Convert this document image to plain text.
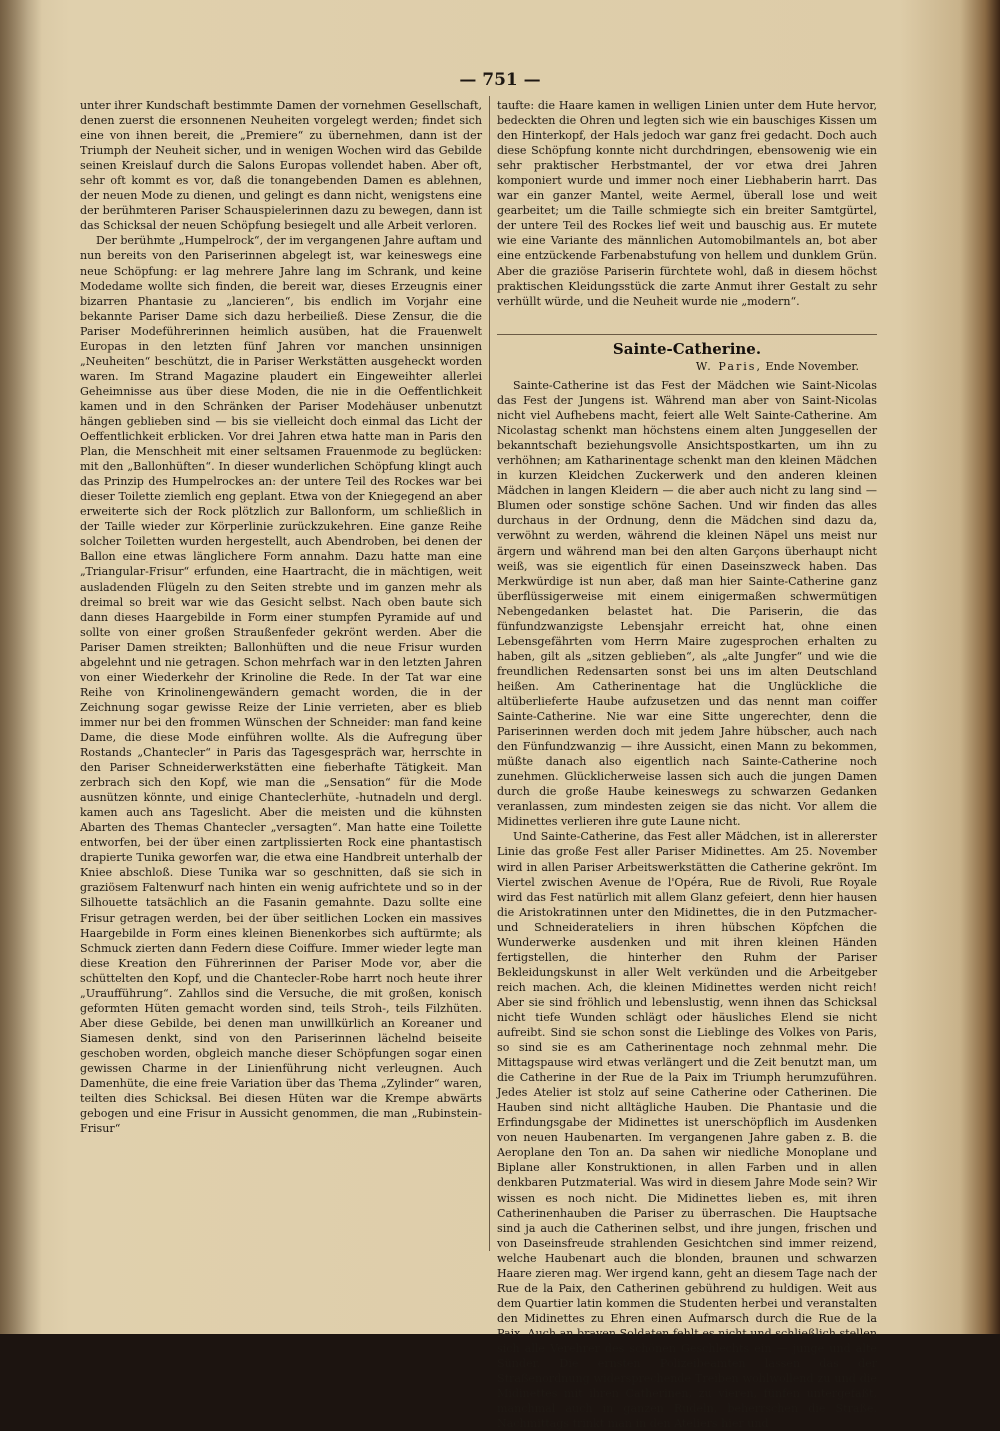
— 751 —

unter ihrer Kundschaft bestimmte Damen der vornehmen Gesellschaft, denen zuerst die ersonnenen Neuheiten vorgelegt werden; findet sich eine von ihnen bereit, die „Premiere“ zu übernehmen, dann ist der Triumph der Neuheit sicher, und in wenigen Wochen wird das Gebilde seinen Kreislauf durch die Salons Europas vollendet haben. Aber oft, sehr oft kommt es vor, daß die tonangebenden Damen es ablehnen, der neuen Mode zu dienen, und gelingt es dann nicht, wenigstens eine der berühmteren Pariser Schauspielerinnen dazu zu bewegen, dann ist das Schicksal der neuen Schöpfung besiegelt und alle Arbeit verloren.

Der berühmte „Humpelrock“, der im vergangenen Jahre auftam und nun bereits von den Pariserinnen abgelegt ist, war keineswegs eine neue Schöpfung: er lag mehrere Jahre lang im Schrank, und keine Modedame wollte sich finden, die bereit war, dieses Erzeugnis einer bizarren Phantasie zu „lancieren“, bis endlich im Vorjahr eine bekannte Pariser Dame sich dazu herbeiließ. Diese Zensur, die die Pariser Modeführerinnen heimlich ausüben, hat die Frauenwelt Europas in den letzten fünf Jahren vor manchen unsinnigen „Neuheiten“ beschützt, die in Pariser Werkstätten ausgeheckt worden waren. Im Strand Magazine plaudert ein Eingeweihter allerlei Geheimnisse aus über diese Moden, die nie in die Oeffentlichkeit kamen und in den Schränken der Pariser Modehäuser unbenutzt hängen geblieben sind — bis sie vielleicht doch einmal das Licht der Oeffentlichkeit erblicken. Vor drei Jahren etwa hatte man in Paris den Plan, die Menschheit mit einer seltsamen Frauenmode zu beglücken: mit den „Ballonhüften“. In dieser wunderlichen Schöpfung klingt auch das Prinzip des Humpelrockes an: der untere Teil des Rockes war bei dieser Toilette ziemlich eng geplant. Etwa von der Kniegegend an aber erweiterte sich der Rock plötzlich zur Ballonform, um schließlich in der Taille wieder zur Körperlinie zurückzukehren. Eine ganze Reihe solcher Toiletten wurden hergestellt, auch Abendroben, bei denen der Ballon eine etwas länglichere Form annahm. Dazu hatte man eine „Triangular-Frisur“ erfunden, eine Haartracht, die in mächtigen, weit ausladenden Flügeln zu den Seiten strebte und im ganzen mehr als dreimal so breit war wie das Gesicht selbst. Nach oben baute sich dann dieses Haargebilde in Form einer stumpfen Pyramide auf und sollte von einer großen Straußenfeder gekrönt werden. Aber die Pariser Damen streikten; Ballonhüften und die neue Frisur wurden abgelehnt und nie getragen. Schon mehrfach war in den letzten Jahren von einer Wiederkehr der Krinoline die Rede. In der Tat war eine Reihe von Krinolinengewändern gemacht worden, die in der Zeichnung sogar gewisse Reize der Linie verrieten, aber es blieb immer nur bei den frommen Wünschen der Schneider: man fand keine Dame, die diese Mode einführen wollte. Als die Aufregung über Rostands „Chantecler“ in Paris das Tagesgespräch war, herrschte in den Pariser Schneiderwerkstätten eine fieberhafte Tätigkeit. Man zerbrach sich den Kopf, wie man die „Sensation“ für die Mode ausnützen könnte, und einige Chanteclerhüte, -hutnadeln und dergl. kamen auch ans Tageslicht. Aber die meisten und die kühnsten Abarten des Themas Chantecler „versagten“. Man hatte eine Toilette entworfen, bei der über einen zartplissierten Rock eine phantastisch drapierte Tunika geworfen war, die etwa eine Handbreit unterhalb der Kniee abschloß. Diese Tunika war so geschnitten, daß sie sich in graziösem Faltenwurf nach hinten ein wenig aufrichtete und so in der Silhouette tatsächlich an die Fasanin gemahnte. Dazu sollte eine Frisur getragen werden, bei der über seitlichen Locken ein massives Haargebilde in Form eines kleinen Bienenkorbes sich auftürmte; als Schmuck zierten dann Federn diese Coiffure. Immer wieder legte man diese Kreation den Führerinnen der Pariser Mode vor, aber die schüttelten den Kopf, und die Chantecler-Robe harrt noch heute ihrer „Uraufführung“. Zahllos sind die Versuche, die mit großen, konisch geformten Hüten gemacht worden sind, teils Stroh-, teils Filzhüten. Aber diese Gebilde, bei denen man unwillkürlich an Koreaner und Siamesen denkt, sind von den Pariserinnen lächelnd beiseite geschoben worden, obgleich manche dieser Schöpfungen sogar einen gewissen Charme in der Linienführung nicht verleugnen. Auch Damenhüte, die eine freie Variation über das Thema „Zylinder“ waren, teilten dies Schicksal. Bei diesen Hüten war die Krempe abwärts gebogen und eine Frisur in Aussicht genommen, die man „Rubinstein-Frisur“

taufte: die Haare kamen in welligen Linien unter dem Hute hervor, bedeckten die Ohren und legten sich wie ein bauschiges Kissen um den Hinterkopf, der Hals jedoch war ganz frei gedacht. Doch auch diese Schöpfung konnte nicht durchdringen, ebensowenig wie ein sehr praktischer Herbstmantel, der vor etwa drei Jahren komponiert wurde und immer noch einer Liebhaberin harrt. Das war ein ganzer Mantel, weite Aermel, überall lose und weit gearbeitet; um die Taille schmiegte sich ein breiter Samtgürtel, der untere Teil des Rockes lief weit und bauschig aus. Er mutete wie eine Variante des männlichen Automobilmantels an, bot aber eine entzückende Farbenabstufung von hellem und dunklem Grün. Aber die graziöse Pariserin fürchtete wohl, daß in diesem höchst praktischen Kleidungsstück die zarte Anmut ihrer Gestalt zu sehr verhüllt würde, und die Neuheit wurde nie „modern“.

Sainte-Catherine.
W. Paris, Ende November.

Sainte-Catherine ist das Fest der Mädchen wie Saint-Nicolas das Fest der Jungens ist. Während man aber von Saint-Nicolas nicht viel Aufhebens macht, feiert alle Welt Sainte-Catherine. Am Nicolastag schenkt man höchstens einem alten Junggesellen der bekanntschaft beziehungsvolle Ansichtspostkarten, um ihn zu verhöhnen; am Katharinentage schenkt man den kleinen Mädchen in kurzen Kleidchen Zuckerwerk und den anderen kleinen Mädchen in langen Kleidern — die aber auch nicht zu lang sind — Blumen oder sonstige schöne Sachen. Und wir finden das alles durchaus in der Ordnung, denn die Mädchen sind dazu da, verwöhnt zu werden, während die kleinen Näpel uns meist nur ärgern und während man bei den alten Garçons überhaupt nicht weiß, was sie eigentlich für einen Daseinszweck haben. Das Merkwürdige ist nun aber, daß man hier Sainte-Catherine ganz überflüssigerweise mit einem einigermaßen schwermütigen Nebengedanken belastet hat. Die Pariserin, die das fünfundzwanzigste Lebensjahr erreicht hat, ohne einen Lebensgefährten vom Herrn Maire zugesprochen erhalten zu haben, gilt als „sitzen geblieben“, als „alte Jungfer“ und wie die freundlichen Redensarten sonst bei uns im alten Deutschland heißen. Am Catherinentage hat die Unglückliche die altüberlieferte Haube aufzusetzen und das nennt man coiffer Sainte-Catherine. Nie war eine Sitte ungerechter, denn die Pariserinnen werden doch mit jedem Jahre hübscher, auch nach den Fünfundzwanzig — ihre Aussicht, einen Mann zu bekommen, müßte danach also eigentlich nach Sainte-Catherine noch zunehmen. Glücklicherweise lassen sich auch die jungen Damen durch die große Haube keineswegs zu schwarzen Gedanken veranlassen, zum mindesten zeigen sie das nicht. Vor allem die Midinettes verlieren ihre gute Laune nicht.

Und Sainte-Catherine, das Fest aller Mädchen, ist in allererster Linie das große Fest aller Pariser Midinettes. Am 25. November wird in allen Pariser Arbeitswerkstätten die Catherine gekrönt. Im Viertel zwischen Avenue de l'Opéra, Rue de Rivoli, Rue Royale wird das Fest natürlich mit allem Glanz gefeiert, denn hier hausen die Aristokratinnen unter den Midinettes, die in den Putzmacher- und Schneiderateliers in ihren hübschen Köpfchen die Wunderwerke ausdenken und mit ihren kleinen Händen fertigstellen, die hinterher den Ruhm der Pariser Bekleidungskunst in aller Welt verkünden und die Arbeitgeber reich machen. Ach, die kleinen Midinettes werden nicht reich! Aber sie sind fröhlich und lebenslustig, wenn ihnen das Schicksal nicht tiefe Wunden schlägt oder häusliches Elend sie nicht aufreibt. Sind sie schon sonst die Lieblinge des Volkes von Paris, so sind sie es am Catherinentage noch zehnmal mehr. Die Mittagspause wird etwas verlängert und die Zeit benutzt man, um die Catherine in der Rue de la Paix im Triumph herumzuführen. Jedes Atelier ist stolz auf seine Catherine oder Catherinen. Die Hauben sind nicht alltägliche Hauben. Die Phantasie und die Erfindungsgabe der Midinettes ist unerschöpflich im Ausdenken von neuen Haubenarten. Im vergangenen Jahre gaben z. B. die Aeroplane den Ton an. Da sahen wir niedliche Monoplane und Biplane aller Konstruktionen, in allen Farben und in allen denkbaren Putzmaterial. Was wird in diesem Jahre Mode sein? Wir wissen es noch nicht. Die Midinettes lieben es, mit ihren Catherinenhauben die Pariser zu überraschen. Die Hauptsache sind ja auch die Catherinen selbst, und ihre jungen, frischen und von Daseinsfreude strahlenden Gesichtchen sind immer reizend, welche Haubenart auch die blonden, braunen und schwarzen Haare zieren mag. Wer irgend kann, geht an diesem Tage nach der Rue de la Paix, den Catherinen gebührend zu huldigen. Weit aus dem Quartier latin kommen die Studenten herbei und veranstalten den Midinettes zu Ehren einen Aufmarsch durch die Rue de la Paix. Auch an braven Soldaten fehlt es nicht und schließlich stellen sich alle Verehrer des schönen Geschlechts ein — junge und alte Sünder. Die ernsten Polizeibeamten lassen das der Straßenordnung widersprechende Treiben wohlwollend zu und die Midinettes mit ihren Catherinen, zu vieren, fünfen untergefaßt, manchmal auch in ganzen Rudeln, beherrschen die Straße. Nachmittags trinkt man in den Ateliers hier und
